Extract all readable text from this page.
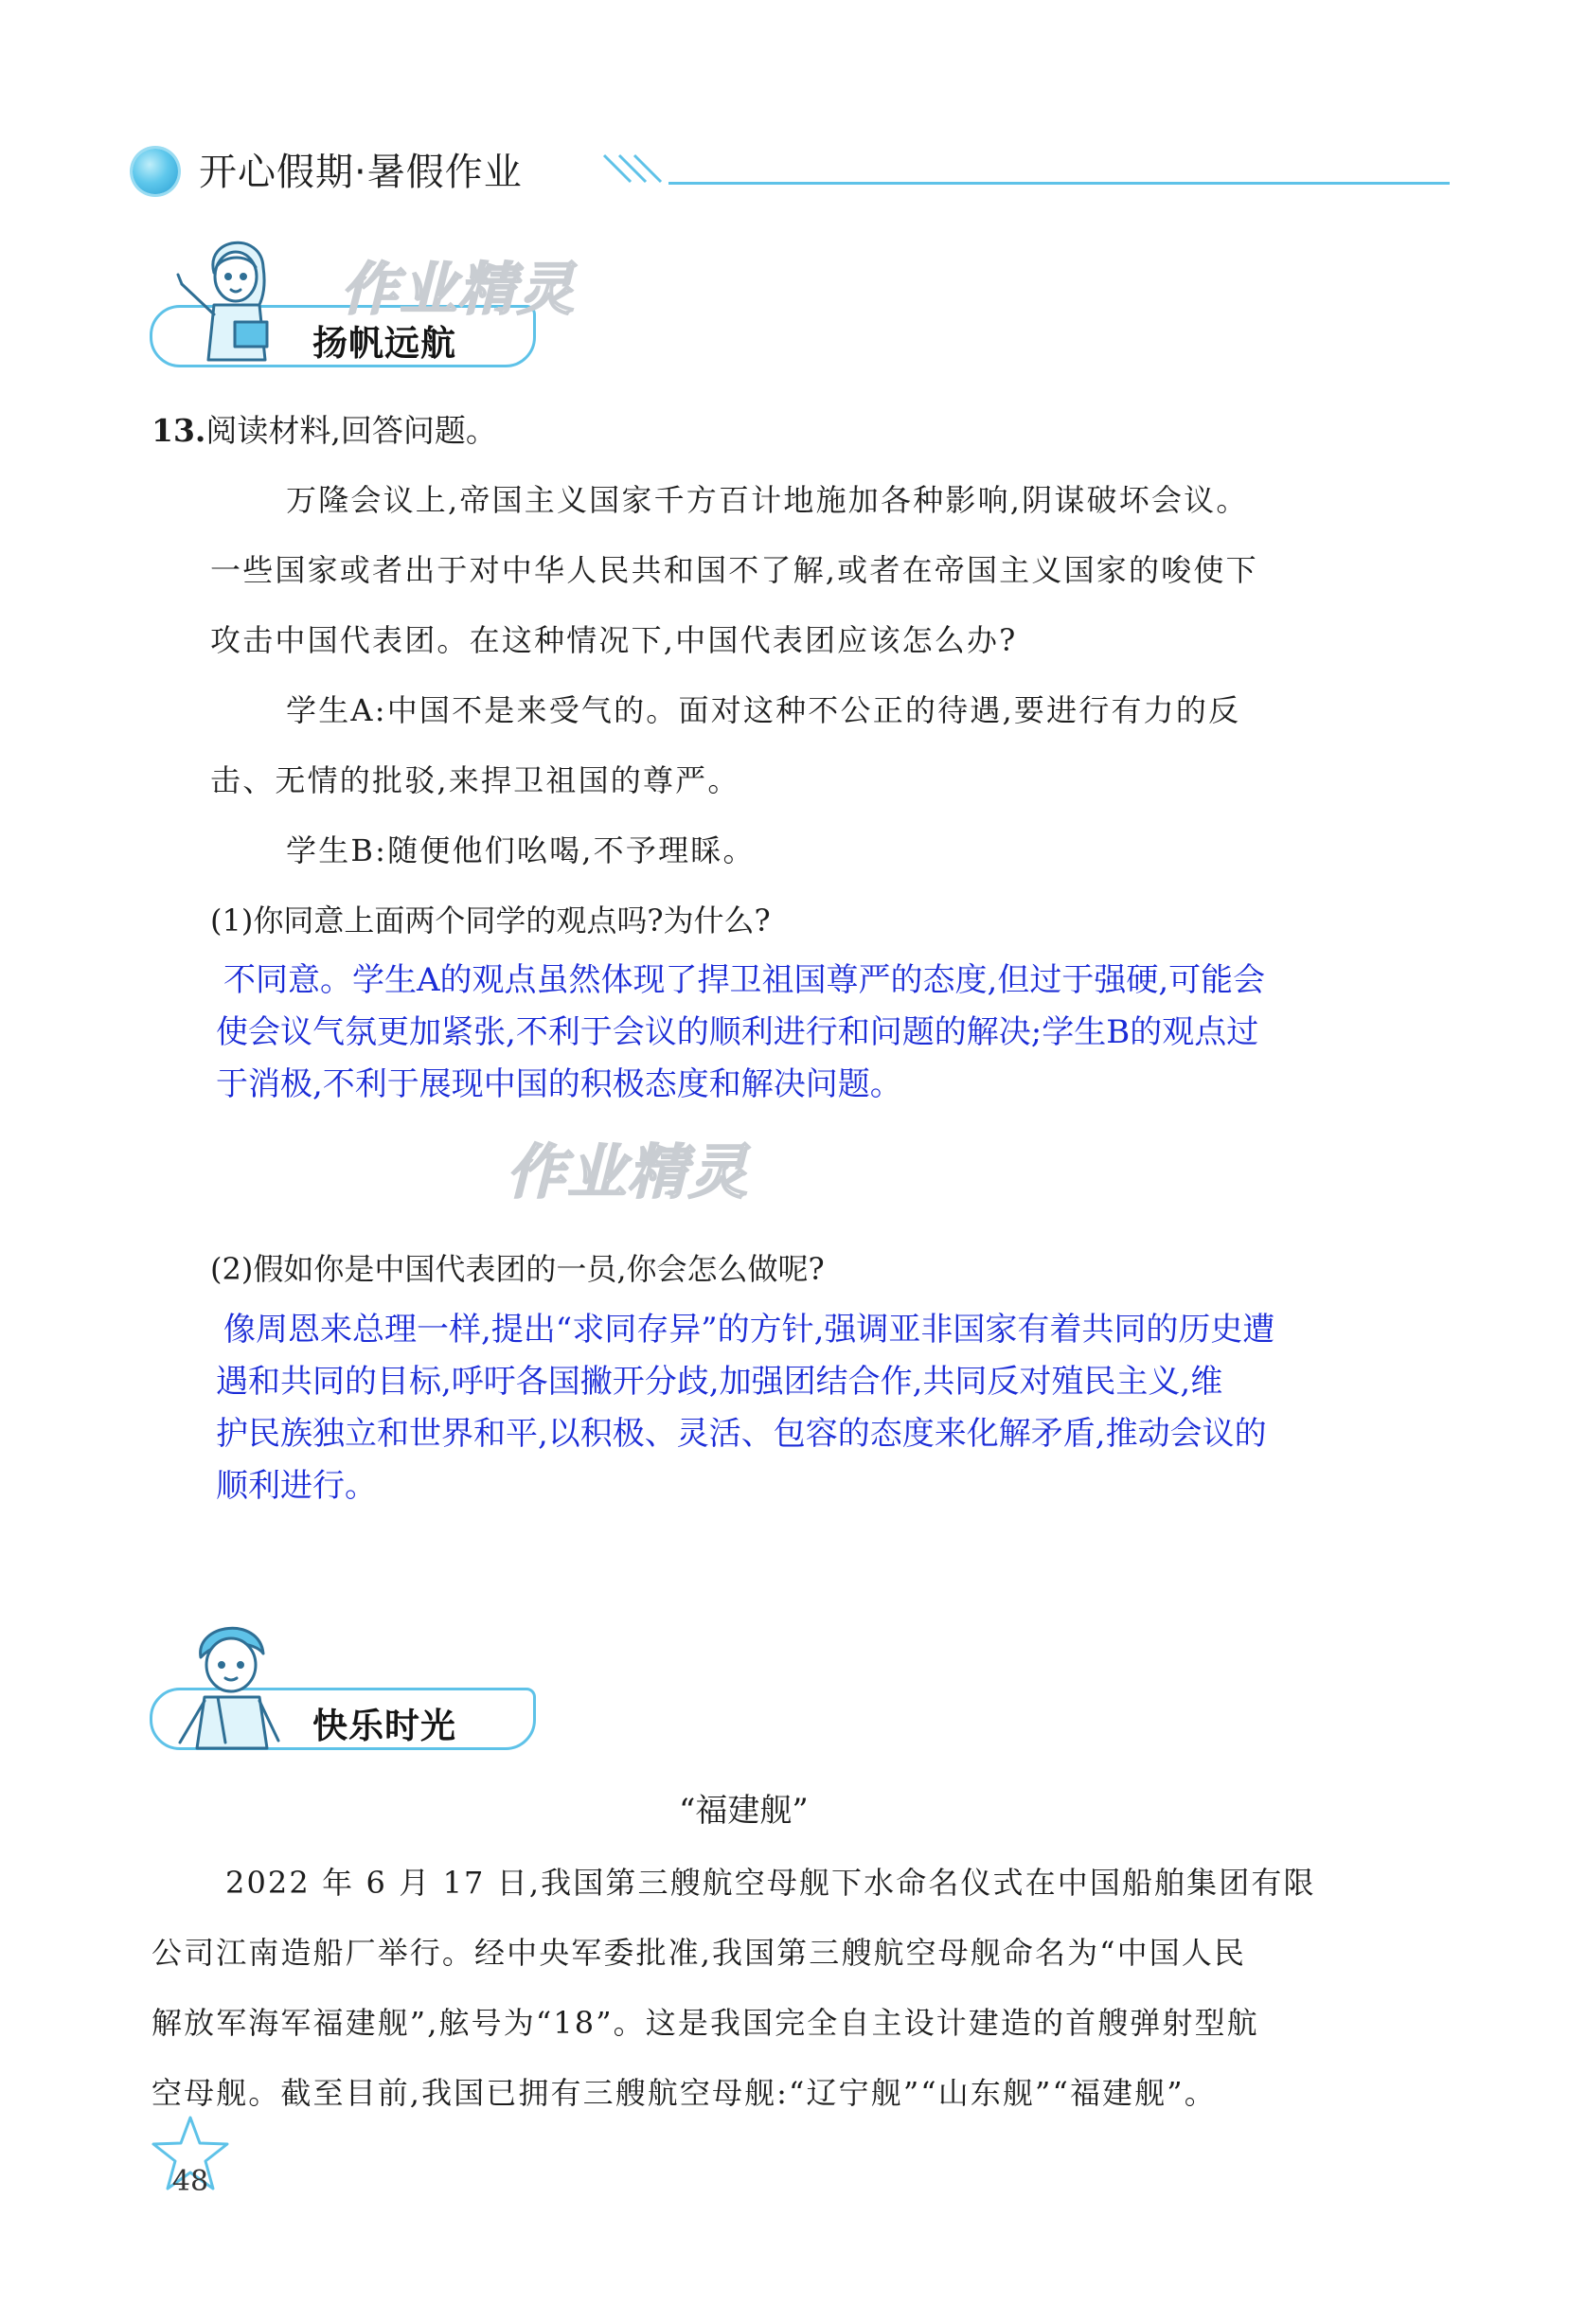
开心假期·暑假作业
扬帆远航
作业精灵
13.阅读材料,回答问题。
万隆会议上,帝国主义国家千方百计地施加各种影响,阴谋破坏会议。
一些国家或者出于对中华人民共和国不了解,或者在帝国主义国家的唆使下
攻击中国代表团。在这种情况下,中国代表团应该怎么办?
学生A:中国不是来受气的。面对这种不公正的待遇,要进行有力的反
击、无情的批驳,来捍卫祖国的尊严。
学生B:随便他们吆喝,不予理睬。
(1)你同意上面两个同学的观点吗?为什么?
不同意。学生A的观点虽然体现了捍卫祖国尊严的态度,但过于强硬,可能会
使会议气氛更加紧张,不利于会议的顺利进行和问题的解决;学生B的观点过
于消极,不利于展现中国的积极态度和解决问题。
作业精灵
(2)假如你是中国代表团的一员,你会怎么做呢?
像周恩来总理一样,提出“求同存异”的方针,强调亚非国家有着共同的历史遭
遇和共同的目标,呼吁各国撇开分歧,加强团结合作,共同反对殖民主义,维
护民族独立和世界和平,以积极、灵活、包容的态度来化解矛盾,推动会议的
顺利进行。
快乐时光
“福建舰”
2022 年 6 月 17 日,我国第三艘航空母舰下水命名仪式在中国船舶集团有限
公司江南造船厂举行。经中央军委批准,我国第三艘航空母舰命名为“中国人民
解放军海军福建舰”,舷号为“18”。这是我国完全自主设计建造的首艘弹射型航
空母舰。截至目前,我国已拥有三艘航空母舰:“辽宁舰”“山东舰”“福建舰”。
48
